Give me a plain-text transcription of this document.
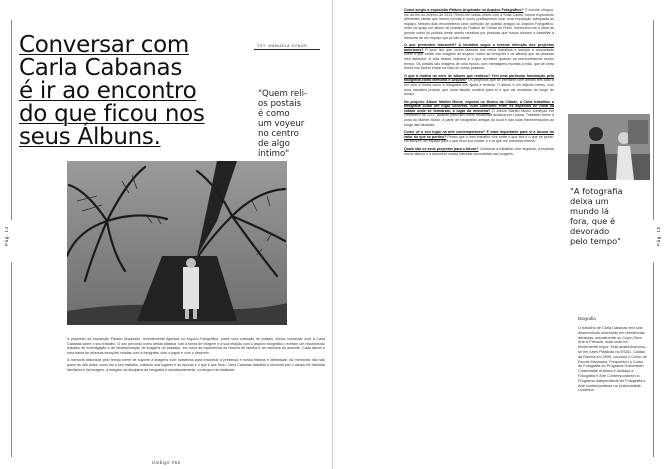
Pág. 14
Conversar com
Carla Cabanas
é ir ao encontro
do que ficou nos
seus Álbuns.
TXT: MANUELA SYNGE
"Quem reli-
os postais
é como
um voyeur
no centro
de algo
íntimo"

A propósito da exposição Palácio Arquivado, recentemente figurada no Arquivo Fotográfico, sobre uma colecção de postais, fomos conversar com a Carla Cabanas sobre o seu trabalho. O seu percurso como artista plástica, sob a forma de imagem e a sua relação com o arquivo fotográfico, revelam um reconhecido trabalho de investigação e de reinterpretação de imagens do passado, em torno da experiência da história de família e da memória do ausente. Cada album é uma trama de diversas emoções criadas com a fotografia, com o papel e com o desenho.

A memória distorcida pelo tempo serve de suporte a imagens com narrativas para encontrar a presença e nossa história e identidade. As memórias não são quem as não aviva, como diz o seu trabalho, voltando aos lugares e as épocas e o que é que ficou. Carla Cabanas trabalha a memória sob o campo de histórias familiares e da imagem, a margem da disciplina da fotografia e simultaneamente, a margem da realidade.

Umbigo #52
Pág. 15

Como surgiu a exposição Palácio Arquivado no Arquivo Fotográfico? O convite chegou-me ao fim do inverno de 2014. Reuni-me várias vezes com a Sofia Castro, fomos explorando diferentes ideias que temos formas e como pudéssemos criar uma exposição adequada ao espaço. Nesses dias encontrámos uma colecção de postais antigos do Arquivo Fotográfico, entre os quais um álbum de postais do Palácio de Cristal do Porto. Interessou-me a ideia de pensar como os postais foram sendo reunidos por pessoas que nunca conheci e trabalhar a memória de um espaço que já não existe.

O que pretendeu transmitir? A temática segue a mesma intenção dos projectos anteriores? É isso! Isto que venho fazendo nos meus trabalhos e sempre a curiosidade sobre o que existe nas imagens de arquivo, sobre as emoções e os afectos que as pessoas lhes atribuem. A vida destes objectos e o que acontece quando os reencontramos noutro tempo. Os postais são imagens de uma época, com mensagens escritas à mão, que de certa forma nos fazem entrar na vida de outras pessoas.

O que a motiva na série de álbuns que realizou? Tem uma particular fascinação pela fotografia como Memória e Arquivo? Os projectos que se prendem com álbuns têm tudo a ver com a forma como a fotografia nos ajuda a lembrar. O álbum é um objecto íntimo, com uma narrativa própria, que cada família constrói para si e que vai mudando ao longo do tempo.

No projecto Álbum Martim Moniz, exposto no Museu da Cidade, a Carla trabalhou a fotografia como um lugar concreto, num confronto entre os aspectos de ruína da cidade onde se formaram, a lugar da memória? O Álbum Martim Moniz começou em Dezembro de 2012, quando participei numa residência artística em Lisboa. Trabalhei sobre a zona do Martim Moniz, a partir de fotografias antigas do local e das suas transformações ao longo das décadas.

Como vê o seu lugar na arte contemporânea? É mais importante para si a lacuna do valor do que se perdeu? Penso que o meu trabalho vive entre o que fica e o que se perde. Há sempre um espaço para o que ficou por contar, e é aí que me interessa intervir.

Quais são os seus projectos para o futuro? Continuar a trabalhar com arquivos, a explorar novos álbuns e a descobrir outras histórias escondidas nas imagens.

"A fotografia
deixa um
mundo lá
fora, que é
devorado
pelo tempo"
Biografia
O trabalho de Carla Cabanas tem sido desenvolvido sobretudo em residências artísticas, actualmente no Corpo Dem Arte a Prelúsia, local onde irá brevemente expor. Esta artista licenciou-se em Artes Plásticas na ESAD, Caldas da Rainha em 2005, concluiu o Curso de Escola Maumaus. Frequentou o Curso de Fotografia do Programa Gulbenkian Criatividade Artística e Andlayo a Fotografia e Arte Contemporânea no Programa Independente de Fotografia e Arte contemporânea na Universidade Lusófona.
